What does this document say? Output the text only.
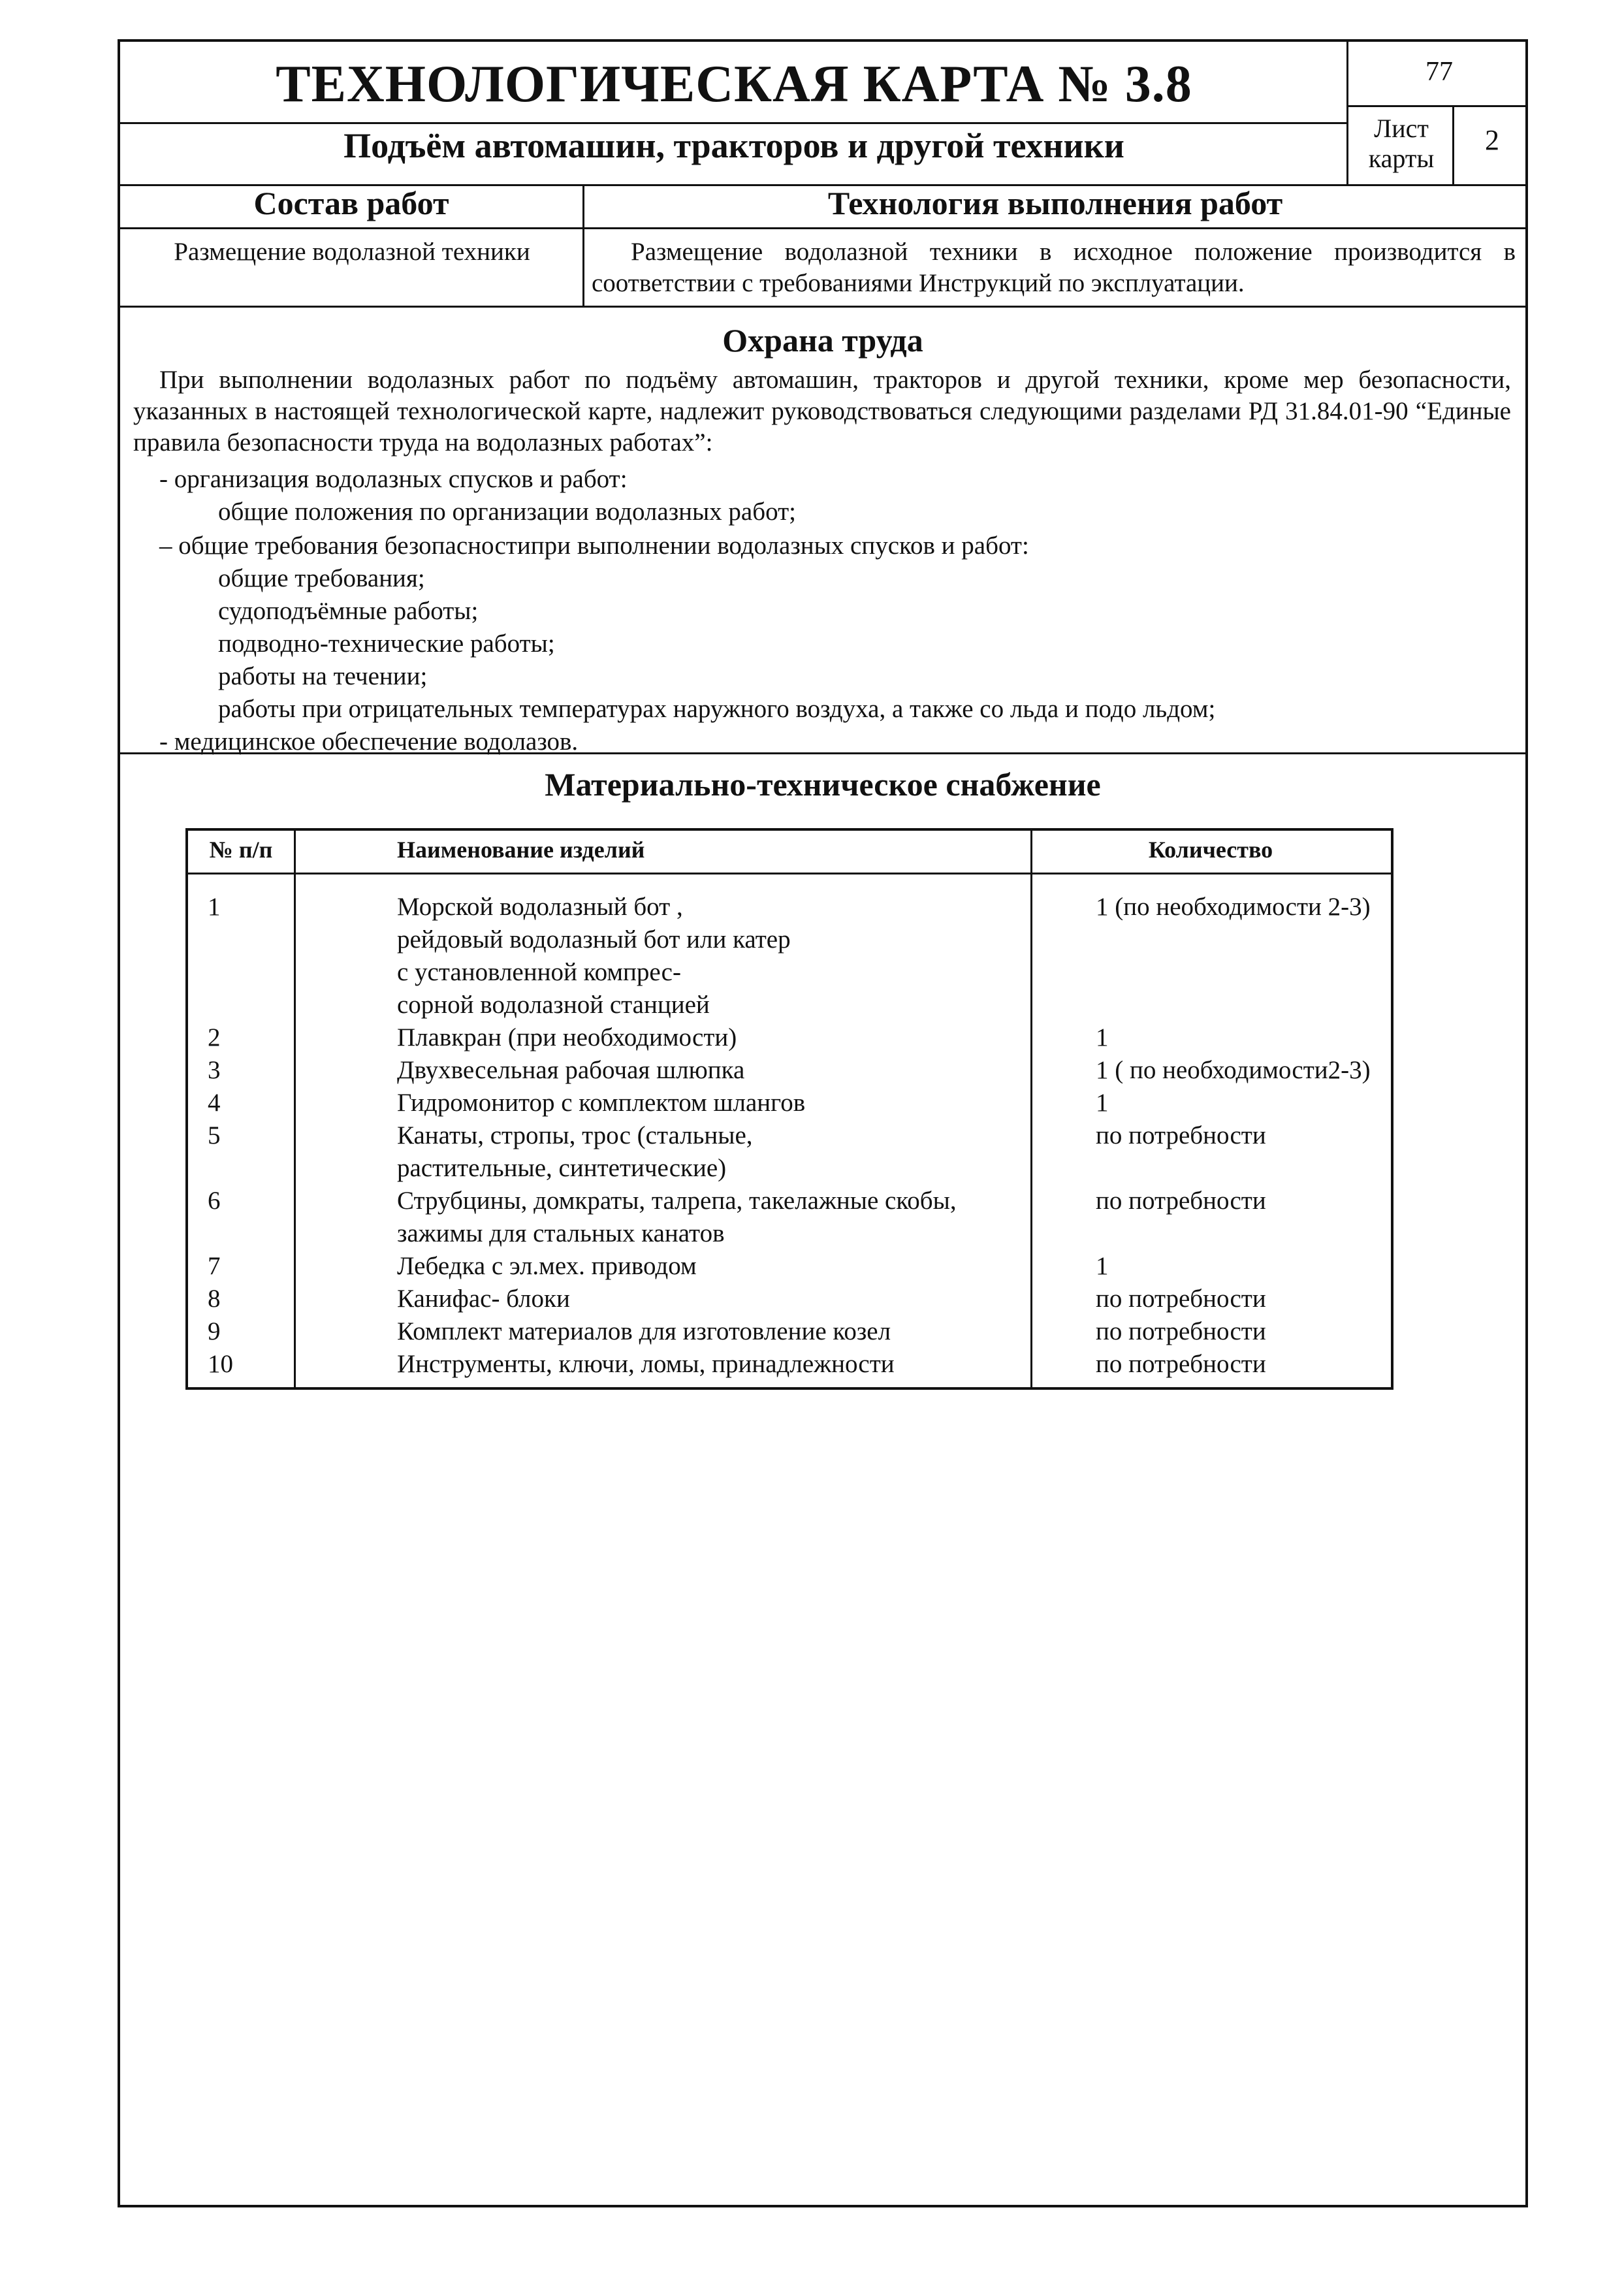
ТЕХНОЛОГИЧЕСКАЯ КАРТА № 3.8
Подъём автомашин, тракторов и другой техники
77
Лист
карты
2
Состав работ	Технология выполнения работ
Размещение водолазной техники	Размещение водолазной техники в исходное положение производится в соответствии с требованиями Инструкций по эксплуатации.
Охрана труда
При выполнении водолазных работ по подъёму автомашин, тракторов и другой техники, кроме мер безопасности, указанных в настоящей технологической карте, надлежит руководствоваться следующими разделами РД 31.84.01-90 “Единые правила безопасности труда на водолазных работах”:
- организация водолазных спусков и работ:
общие положения по организации водолазных работ;
– общие требования безопасностипри выполнении водолазных спусков и работ:
общие требования;
судоподъёмные работы;
подводно-технические работы;
работы на течении;
работы при отрицательных температурах наружного воздуха, а также со льда и подо льдом;
- медицинское обеспечение водолазов.
Материально-техническое снабжение
№ п/п	Наименование изделий	Количество
1	Морской водолазный бот ,	1 (по необходимости 2-3)
рейдовый водолазный бот или катер
с установленной компрес-
сорной водолазной станцией
2	Плавкран (при необходимости)	1
3	Двухвесельная рабочая шлюпка	1 ( по необходимости2-3)
4	Гидромонитор с комплектом шлангов	1
5	Канаты, стропы, трос (стальные,	по потребности
растительные, синтетические)
6	Струбцины, домкраты, талрепа, такелажные скобы,	по потребности
зажимы для стальных канатов
7	Лебедка с эл.мех. приводом	1
8	Канифас- блоки	по потребности
9	Комплект материалов для изготовление козел	по потребности
10	Инструменты, ключи, ломы, принадлежности	по потребности
